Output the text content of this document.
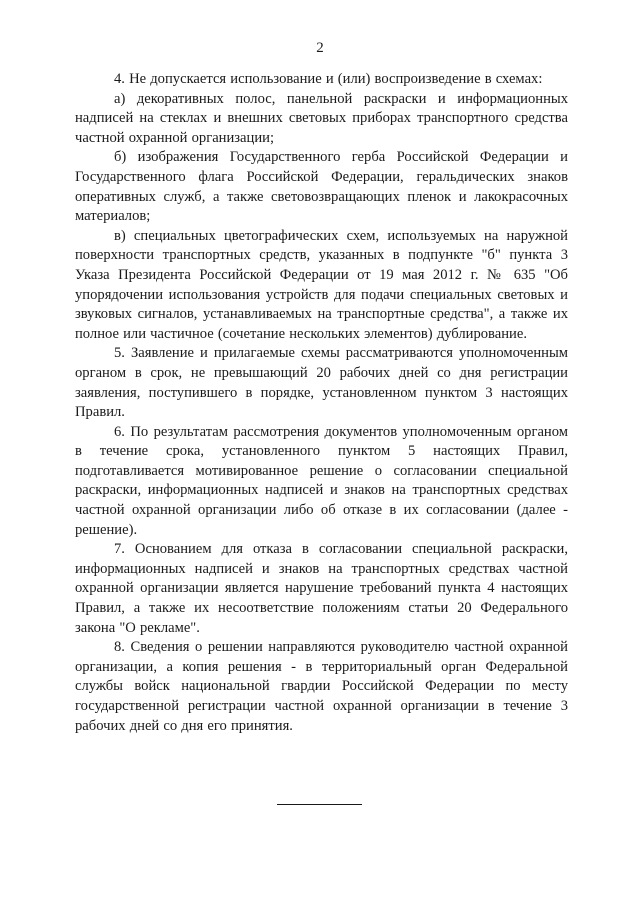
2

4. Не допускается использование и (или) воспроизведение в схемах:

а) декоративных полос, панельной раскраски и информационных надписей на стеклах и внешних световых приборах транспортного средства частной охранной организации;

б) изображения Государственного герба Российской Федерации и Государственного флага Российской Федерации, геральдических знаков оперативных служб, а также световозвращающих пленок и лакокрасочных материалов;

в) специальных цветографических схем, используемых на наружной поверхности транспортных средств, указанных в подпункте "б" пункта 3 Указа Президента Российской Федерации от 19 мая 2012 г. № 635 "Об упорядочении использования устройств для подачи специальных световых и звуковых сигналов, устанавливаемых на транспортные средства", а также их полное или частичное (сочетание нескольких элементов) дублирование.

5. Заявление и прилагаемые схемы рассматриваются уполномоченным органом в срок, не превышающий 20 рабочих дней со дня регистрации заявления, поступившего в порядке, установленном пунктом 3 настоящих Правил.

6. По результатам рассмотрения документов уполномоченным органом в течение срока, установленного пунктом 5 настоящих Правил, подготавливается мотивированное решение о согласовании специальной раскраски, информационных надписей и знаков на транспортных средствах частной охранной организации либо об отказе в их согласовании (далее - решение).

7. Основанием для отказа в согласовании специальной раскраски, информационных надписей и знаков на транспортных средствах частной охранной организации является нарушение требований пункта 4 настоящих Правил, а также их несоответствие положениям статьи 20 Федерального закона "О рекламе".

8. Сведения о решении направляются руководителю частной охранной организации, а копия решения - в территориальный орган Федеральной службы войск национальной гвардии Российской Федерации по месту государственной регистрации частной охранной организации в течение 3 рабочих дней со дня его принятия.
